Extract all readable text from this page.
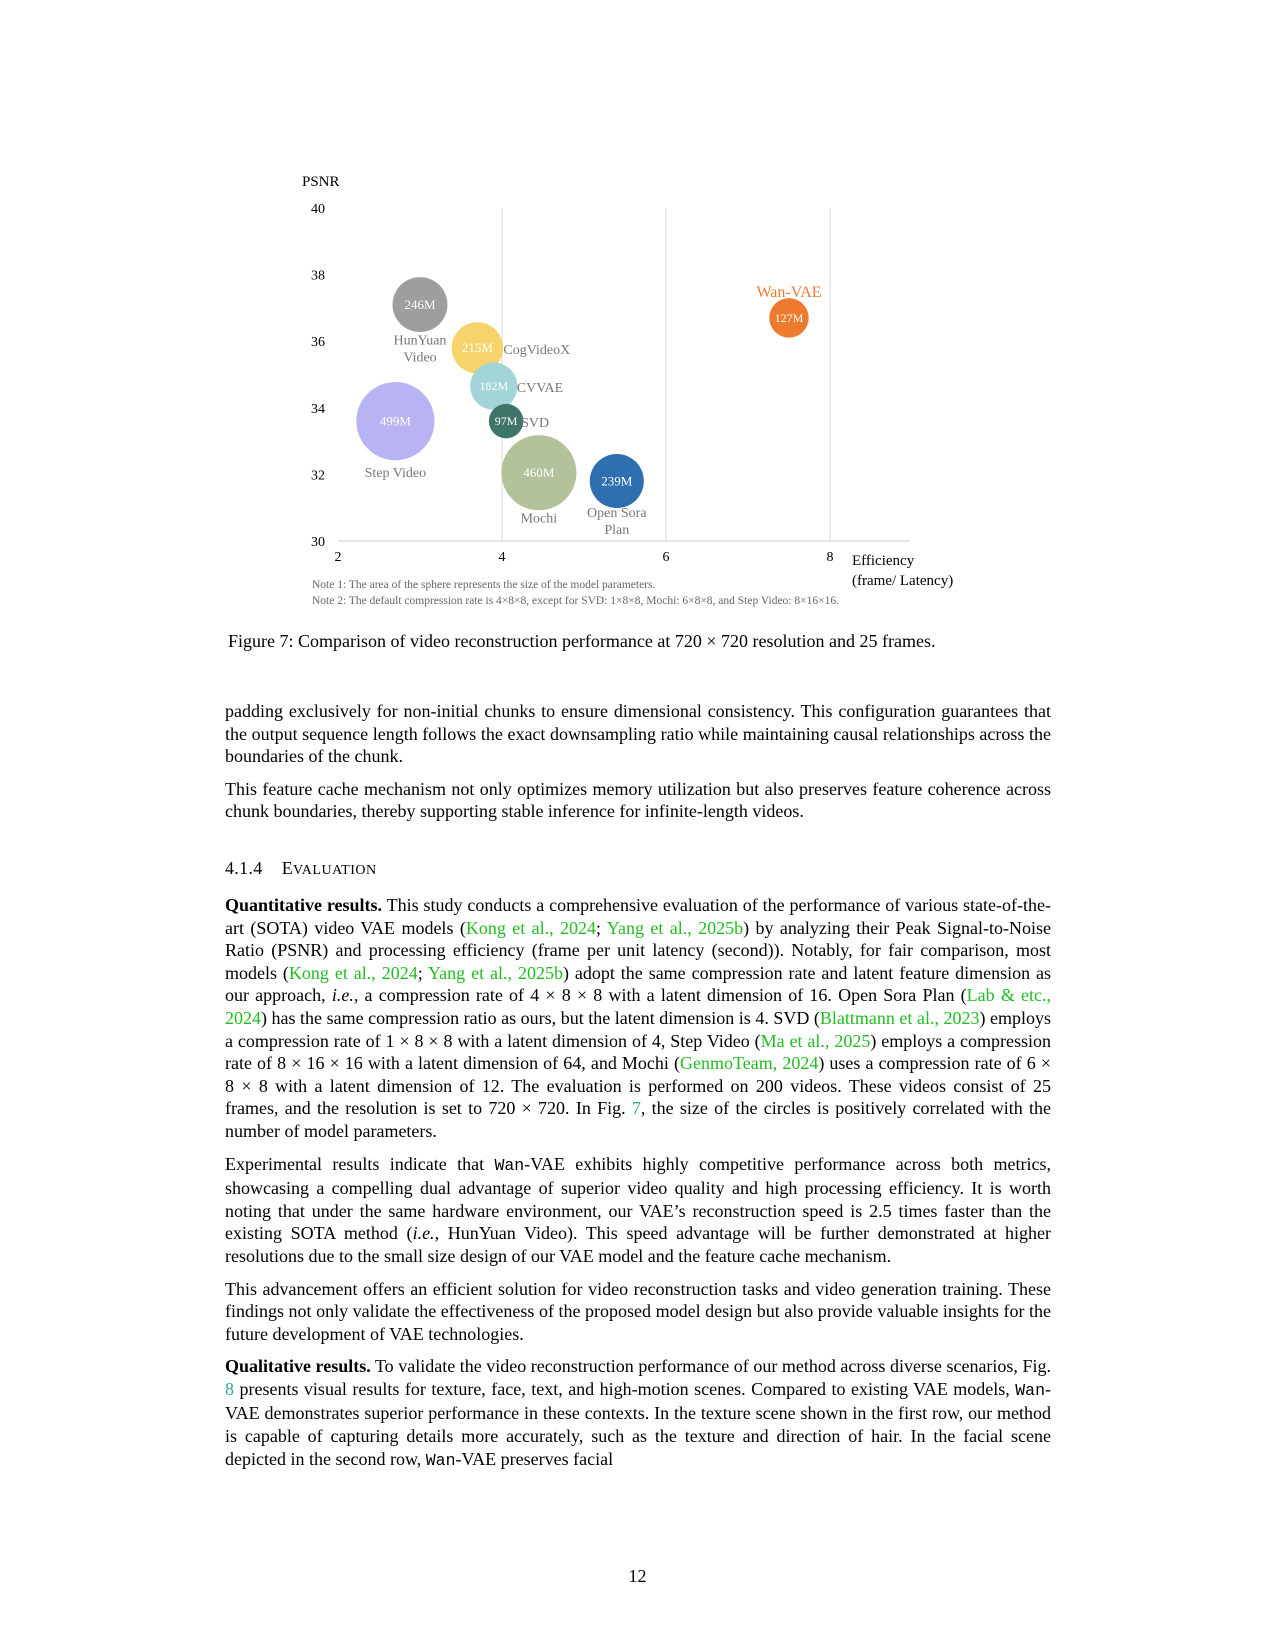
PSNR
30
32
34
36
38
40
2	4	6	8 Efficiency
(frame/ Latency)
246M
HunYuan
Video
215M CogVideoX
182M CVVAE
97M SVD
499M
Step Video	460M
Mochi
239M
Open Sora
Plan
127M
Wan-VAE
Note 1: The area of the sphere represents the size of the model parameters.
Note 2: The default compression rate is 4×8×8, except for SVD: 1×8×8, Mochi: 6×8×8, and Step Video: 8×16×16.
Figure 7: Comparison of video reconstruction performance at 720 × 720 resolution and 25 frames.

padding exclusively for non-initial chunks to ensure dimensional consistency. This configuration guarantees that the output sequence length follows the exact downsampling ratio while maintaining causal relationships across the boundaries of the chunk.

This feature cache mechanism not only optimizes memory utilization but also preserves feature coherence across chunk boundaries, thereby supporting stable inference for infinite-length videos.

4.1.4 EVALUATION

Quantitative results. This study conducts a comprehensive evaluation of the performance of various state-of-the-art (SOTA) video VAE models (Kong et al., 2024; Yang et al., 2025b) by analyzing their Peak Signal-to-Noise Ratio (PSNR) and processing efficiency (frame per unit latency (second)). Notably, for fair comparison, most models (Kong et al., 2024; Yang et al., 2025b) adopt the same compression rate and latent feature dimension as our approach, i.e., a compression rate of 4 × 8 × 8 with a latent dimension of 16. Open Sora Plan (Lab & etc., 2024) has the same compression ratio as ours, but the latent dimension is 4. SVD (Blattmann et al., 2023) employs a compression rate of 1 × 8 × 8 with a latent dimension of 4, Step Video (Ma et al., 2025) employs a compression rate of 8 × 16 × 16 with a latent dimension of 64, and Mochi (GenmoTeam, 2024) uses a compression rate of 6 × 8 × 8 with a latent dimension of 12. The evaluation is performed on 200 videos. These videos consist of 25 frames, and the resolution is set to 720 × 720. In Fig. 7, the size of the circles is positively correlated with the number of model parameters.

Experimental results indicate that Wan-VAE exhibits highly competitive performance across both metrics, showcasing a compelling dual advantage of superior video quality and high processing efficiency. It is worth noting that under the same hardware environment, our VAE’s reconstruction speed is 2.5 times faster than the existing SOTA method (i.e., HunYuan Video). This speed advantage will be further demonstrated at higher resolutions due to the small size design of our VAE model and the feature cache mechanism.

This advancement offers an efficient solution for video reconstruction tasks and video generation training. These findings not only validate the effectiveness of the proposed model design but also provide valuable insights for the future development of VAE technologies.

Qualitative results. To validate the video reconstruction performance of our method across diverse scenarios, Fig. 8 presents visual results for texture, face, text, and high-motion scenes. Compared to existing VAE models, Wan-VAE demonstrates superior performance in these contexts. In the texture scene shown in the first row, our method is capable of capturing details more accurately, such as the texture and direction of hair. In the facial scene depicted in the second row, Wan-VAE preserves facial

12
